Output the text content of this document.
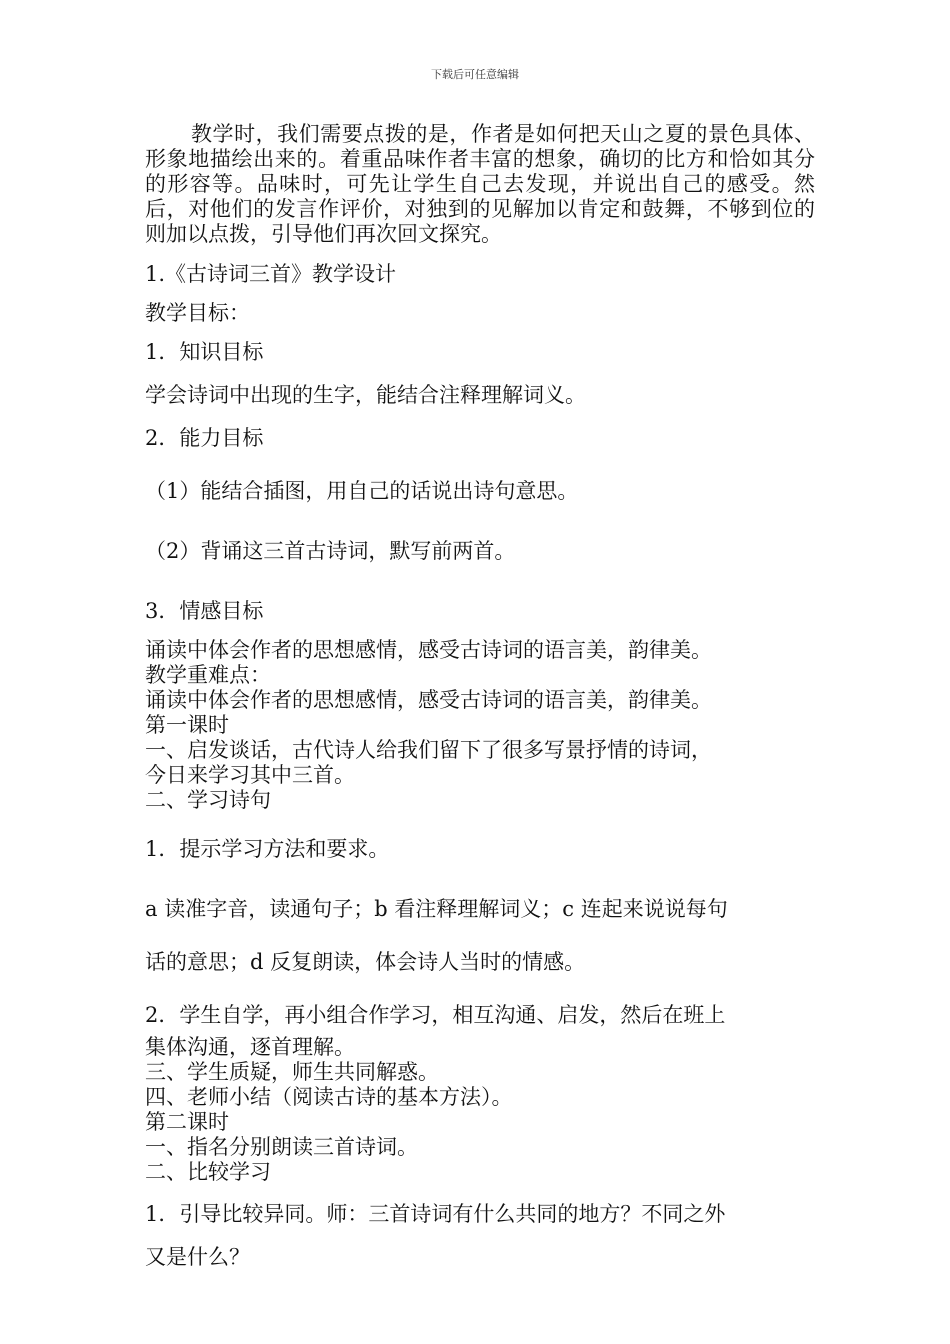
下载后可任意编辑

教学时，我们需要点拨的是，作者是如何把天山之夏的景色具体、形象地描绘出来的。着重品味作者丰富的想象，确切的比方和恰如其分的形容等。品味时，可先让学生自己去发现，并说出自己的感受。然后，对他们的发言作评价，对独到的见解加以肯定和鼓舞，不够到位的则加以点拨，引导他们再次回文探究。

1.《古诗词三首》教学设计

教学目标：

1．知识目标

学会诗词中出现的生字，能结合注释理解词义。

2．能力目标

（1）能结合插图，用自己的话说出诗句意思。

（2）背诵这三首古诗词，默写前两首。

3．情感目标

诵读中体会作者的思想感情，感受古诗词的语言美，韵律美。

教学重难点：

诵读中体会作者的思想感情，感受古诗词的语言美，韵律美。

第一课时

一、启发谈话，古代诗人给我们留下了很多写景抒情的诗词，

今日来学习其中三首。

二、学习诗句

1．提示学习方法和要求。

a 读准字音，读通句子；b 看注释理解词义；c 连起来说说每句

话的意思；d 反复朗读，体会诗人当时的情感。

2．学生自学，再小组合作学习，相互沟通、启发，然后在班上

集体沟通，逐首理解。

三、学生质疑，师生共同解惑。

四、老师小结（阅读古诗的基本方法）。

第二课时

一、指名分别朗读三首诗词。

二、比较学习

1．引导比较异同。师：三首诗词有什么共同的地方？不同之外

又是什么？
